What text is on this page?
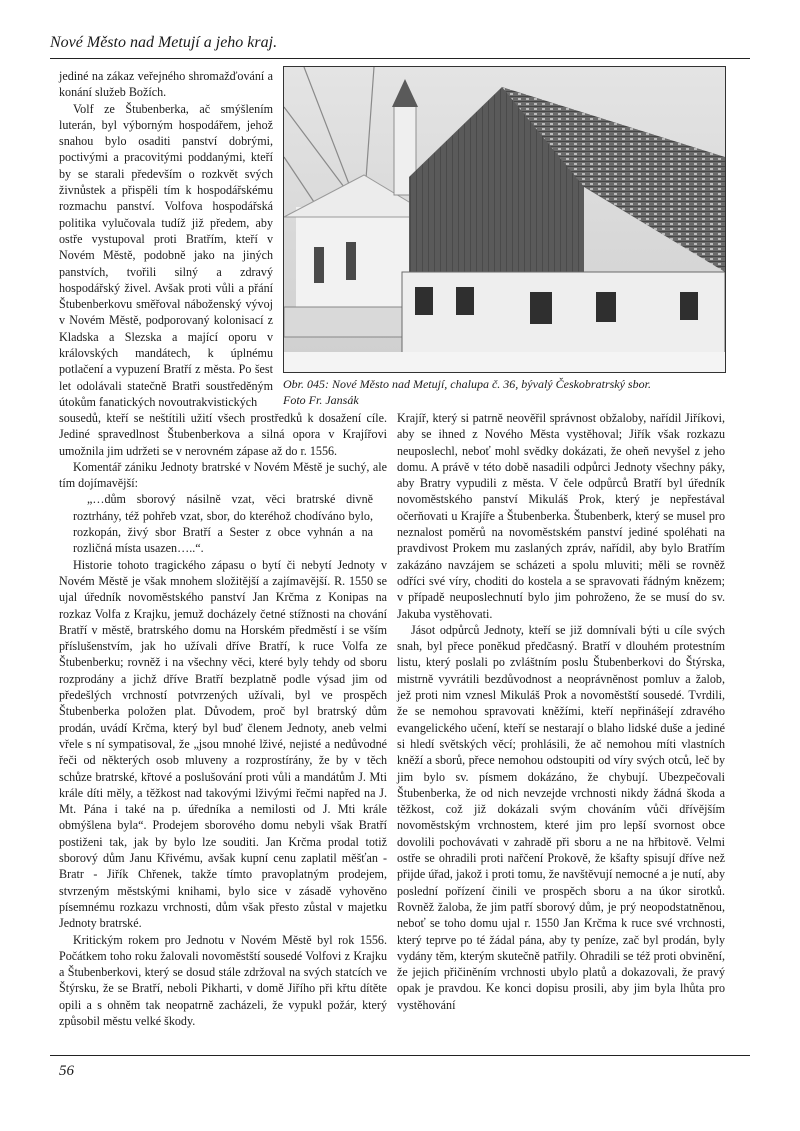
Nové Město nad Metují a jeho kraj.
Obr. 045: Nové Město nad Metují, chalupa č. 36, bývalý Českobratrský sbor.
Foto Fr. Jansák

jediné na zákaz veřejného shromažďování a konání služeb Božích.

Volf ze Štubenberka, ač smýšlením luterán, byl výborným hospodářem, jehož snahou bylo osaditi panství dobrými, poctivými a pracovitými poddanými, kteří by se starali především o rozkvět svých živnůstek a přispěli tím k hospodářskému rozmachu panství. Volfova hospodářská politika vylučovala tudíž již předem, aby ostře vystupoval proti Bratřím, kteří v Novém Městě, podobně jako na jiných panstvích, tvořili silný a zdravý hospodářský živel. Avšak proti vůli a přání Štubenberkovu směřoval náboženský vývoj v Novém Městě, podporovaný kolonisací z Kladska a Slezska a mající oporu v královských mandátech, k úplnému potlačení a vypuzení Bratří z města. Po šest let odolávali statečně Bratři soustředěným útokům fanatických novoutrakvistických

sousedů, kteří se neštítili užití všech prostředků k dosažení cíle. Jediné spravedlnost Štubenberkova a silná opora v Krajířovi umožnila jim udržeti se v nerovném zápase až do r. 1556.

Komentář zániku Jednoty bratrské v Novém Městě je suchý, ale tím dojímavější:

„…dům sborový násilně vzat, věci bratrské divně roztrhány, též pohřeb vzat, sbor, do kteréhož chodíváno bylo, rozkopán, živý sbor Bratří a Sester z obce vyhnán a na rozličná místa usazen…..“.

Historie tohoto tragického zápasu o bytí či nebytí Jednoty v Novém Městě je však mnohem složitější a zajímavější. R. 1550 se ujal úředník novoměstského panství Jan Krčma z Konipas na rozkaz Volfa z Krajku, jemuž docházely četné stížnosti na chování Bratří v městě, bratrského domu na Horském předměstí i se vším příslušenstvím, jak ho užívali dříve Bratří, k ruce Volfa ze Štubenberku; rovněž i na všechny věci, které byly tehdy od sboru rozprodány a jichž dříve Bratří bezplatně podle výsad jim od předešlých vrchností potvrzených užívali, byl ve prospěch Štubenberka položen plat. Důvodem, proč byl bratrský dům prodán, uvádí Krčma, který byl buď členem Jednoty, aneb velmi vřele s ní sympatisoval, že „jsou mnohé lživé, nejisté a nedůvodné řeči od některých osob mluveny a rozprostírány, že by v těch schůze bratrské, křtové a poslušování proti vůli a mandátům J. Mti krále díti měly, a těžkost nad takovými lživými řečmi napřed na J. Mt. Pána i také na p. úředníka a nemilosti od J. Mti krále obmýšlena byla“. Prodejem sborového domu nebyli však Bratří postiženi tak, jak by bylo lze souditi. Jan Krčma prodal totiž sborový dům Janu Křivému, avšak kupní cenu zaplatil měšťan - Bratr - Jiřík Chřenek, takže tímto pravoplatným prodejem, stvrzeným městskými knihami, bylo sice v zásadě vyhověno písemnému rozkazu vrchnosti, dům však přesto zůstal v majetku Jednoty bratrské.

Kritickým rokem pro Jednotu v Novém Městě byl rok 1556. Počátkem toho roku žalovali novoměstští sousedé Volfovi z Krajku a Štubenberkovi, který se dosud stále zdržoval na svých statcích ve Štýrsku, že se Bratří, neboli Pikharti, v domě Jiřího při křtu dítěte opili a s ohněm tak neopatrně zacházeli, že vypukl požár, který způsobil městu velké škody.

Krajíř, který si patrně neověřil správnost obžaloby, nařídil Jiříkovi, aby se ihned z Nového Města vystěhoval; Jiřík však rozkazu neuposlechl, neboť mohl svědky dokázati, že oheň nevyšel z jeho domu. A právě v této době nasadili odpůrci Jednoty všechny páky, aby Bratry vypudili z města. V čele odpůrců Bratří byl úředník novoměstského panství Mikuláš Prok, který je nepřestával očerňovati u Krajíře a Štubenberka. Štubenberk, který se musel pro neznalost poměrů na novoměstském panství jediné spoléhati na pravdivost Prokem mu zaslaných zpráv, nařídil, aby bylo Bratřím zakázáno navzájem se scházeti a spolu mluviti; měli se rovněž odříci své víry, choditi do kostela a se spravovati řádným knězem; v případě neuposlechnutí bylo jim pohroženo, že se musí do sv. Jakuba vystěhovati.

Jásot odpůrců Jednoty, kteří se již domnívali býti u cíle svých snah, byl přece poněkud předčasný. Bratří v dlouhém protestním listu, který poslali po zvláštním poslu Štubenberkovi do Štýrska, mistrně vyvrátili bezdůvodnost a neoprávněnost pomluv a žalob, jež proti nim vznesl Mikuláš Prok a novoměstští sousedé. Tvrdili, že se nemohou spravovati kněžími, kteří nepřinášejí zdravého evangelického učení, kteří se nestarají o blaho lidské duše a jediné si hledí světských věcí; prohlásili, že ač nemohou míti vlastních kněží a sborů, přece nemohou odstoupiti od víry svých otců, leč by jim bylo sv. písmem dokázáno, že chybují. Ubezpečovali Štubenberka, že od nich nevzejde vrchnosti nikdy žádná škoda a těžkost, což již dokázali svým chováním vůči dřívějším novoměstským vrchnostem, které jim pro lepší svornost obce dovolili pochovávati v zahradě při sboru a ne na hřbitově. Velmi ostře se ohradili proti nařčení Prokově, že kšafty spisují dříve než přijde úřad, jakož i proti tomu, že navštěvují nemocné a je nutí, aby poslední pořízení činili ve prospěch sboru a na úkor sirotků. Rovněž žaloba, že jim patří sborový dům, je prý neopodstatněnou, neboť se toho domu ujal r. 1550 Jan Krčma k ruce své vrchnosti, který teprve po té žádal pána, aby ty peníze, zač byl prodán, byly vydány těm, kterým skutečně patřily. Ohradili se též proti obvinění, že jejich přičiněním vrchnosti ubylo platů a dokazovali, že pravý opak je pravdou. Ke konci dopisu prosili, aby jim byla lhůta pro vystěhování

56
